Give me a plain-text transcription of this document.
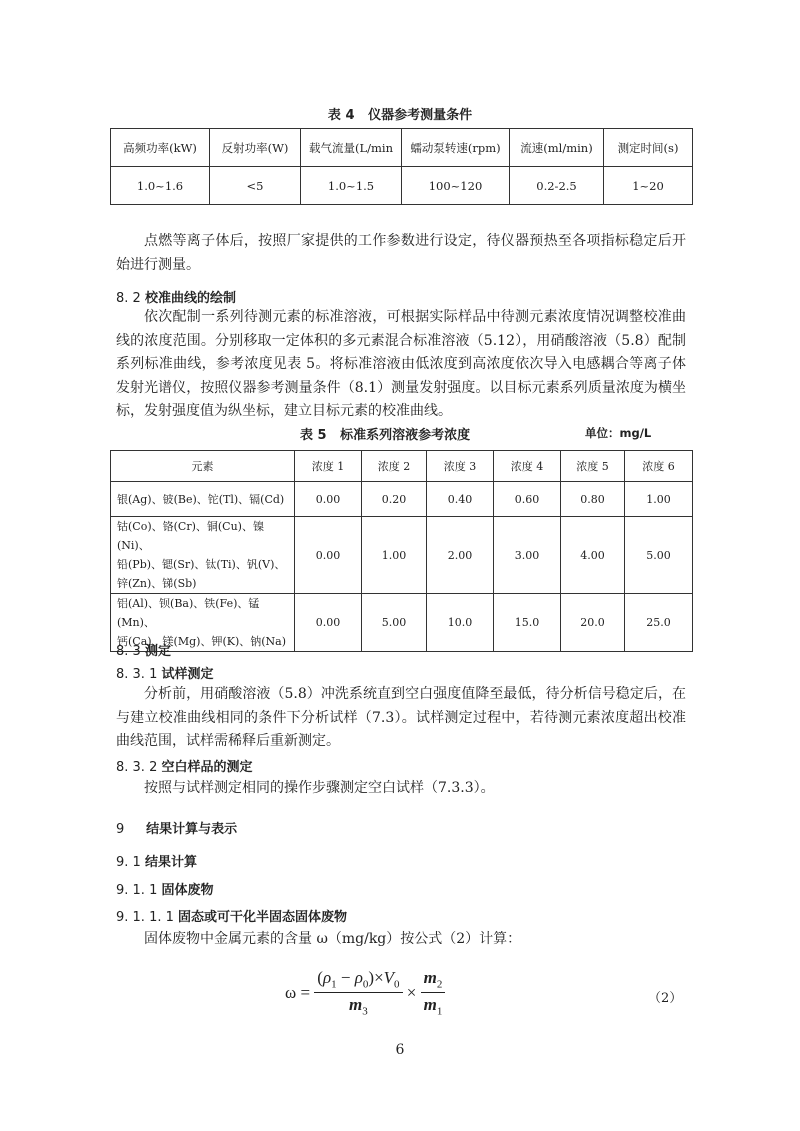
表 4   仪器参考测量条件
高频功率(kW)	反射功率(W)	载气流量(L/min	蠕动泵转速(rpm)	流速(ml/min)	测定时间(s)
1.0~1.6	<5	1.0~1.5	100~120	0.2-2.5	1~20
点燃等离子体后，按照厂家提供的工作参数进行设定，待仪器预热至各项指标稳定后开始进行测量。
8. 2 校准曲线的绘制
依次配制一系列待测元素的标准溶液，可根据实际样品中待测元素浓度情况调整校准曲线的浓度范围。分别移取一定体积的多元素混合标准溶液（5.12），用硝酸溶液（5.8）配制系列标准曲线，参考浓度见表 5。将标准溶液由低浓度到高浓度依次导入电感耦合等离子体发射光谱仪，按照仪器参考测量条件（8.1）测量发射强度。以目标元素系列质量浓度为横坐标，发射强度值为纵坐标，建立目标元素的校准曲线。
表 5   标准系列溶液参考浓度	单位：mg/L
元素	浓度 1	浓度 2	浓度 3	浓度 4	浓度 5	浓度 6

银(Ag)、铍(Be)、铊(Tl)、镉(Cd)	0.00	0.20	0.40	0.60	0.80	1.00

钴(Co)、铬(Cr)、铜(Cu)、镍(Ni)、
铅(Pb)、锶(Sr)、钛(Ti)、钒(V)、
锌(Zn)、锑(Sb)	0.00	1.00	2.00	3.00	4.00	5.00

铝(Al)、钡(Ba)、铁(Fe)、锰(Mn)、
钙(Ca)、镁(Mg)、钾(K)、钠(Na)	0.00	5.00	10.0	15.0	20.0	25.0
8. 3 测定
8. 3. 1 试样测定
分析前，用硝酸溶液（5.8）冲洗系统直到空白强度值降至最低，待分析信号稳定后，在与建立校准曲线相同的条件下分析试样（7.3）。试样测定过程中，若待测元素浓度超出校准曲线范围，试样需稀释后重新测定。
8. 3. 2 空白样品的测定
按照与试样测定相同的操作步骤测定空白试样（7.3.3）。
9 结果计算与表示
9. 1 结果计算
9. 1. 1 固体废物
9. 1. 1. 1 固态或可干化半固态固体废物
固体废物中金属元素的含量 ω（mg/kg）按公式（2）计算：
$\omega = \frac{(\rho_1 - \rho_0)\times V_0}{m_3} \times \frac{m_2}{m_1}$	（2）
6
